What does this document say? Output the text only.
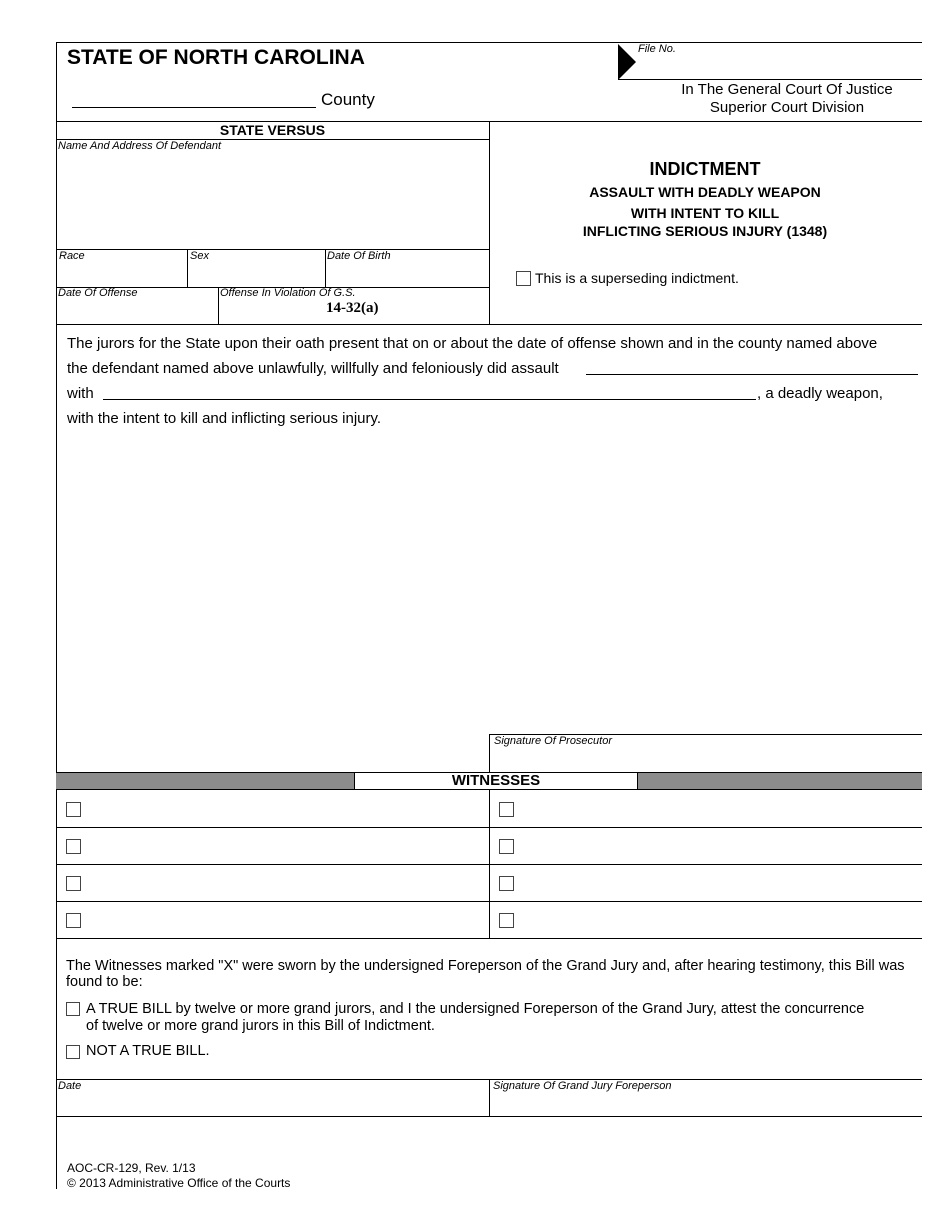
STATE OF NORTH CAROLINA
County
File No.
In The General Court Of Justice
Superior Court Division
STATE VERSUS
Name And Address Of Defendant
Race	Sex	Date Of Birth
Date Of Offense	Offense In Violation Of G.S.
14-32(a)
INDICTMENT
ASSAULT WITH DEADLY WEAPON
WITH INTENT TO KILL
INFLICTING SERIOUS INJURY (1348)
This is a superseding indictment.
The jurors for the State upon their oath present that on or about the date of offense shown and in the county named above
the defendant named above unlawfully, willfully and feloniously did assault
with	, a deadly weapon,
with the intent to kill and inflicting serious injury.
Signature Of Prosecutor
WITNESSES
The Witnesses marked "X" were sworn by the undersigned Foreperson of the Grand Jury and, after hearing testimony, this Bill was found to be:
A TRUE BILL by twelve or more grand jurors, and I the undersigned Foreperson of the Grand Jury, attest the concurrence
of twelve or more grand jurors in this Bill of Indictment.
NOT A TRUE BILL.
Date	Signature Of Grand Jury Foreperson
AOC-CR-129, Rev. 1/13
© 2013 Administrative Office of the Courts
